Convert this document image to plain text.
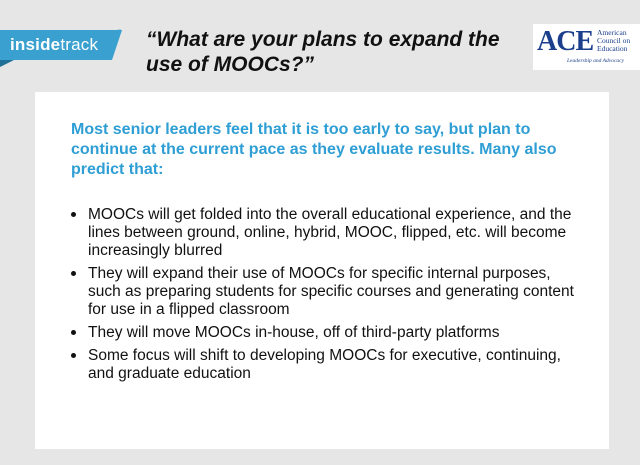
insidetrack
® “What are your plans to expand the use of MOOCs?”
ACE American
Council on
Education
Leadership and Advocacy

Most senior leaders feel that it is too early to say, but plan to continue at the current pace as they evaluate results. Many also predict that:

MOOCs will get folded into the overall educational experience, and the lines between ground, online, hybrid, MOOC, flipped, etc. will become increasingly blurred
They will expand their use of MOOCs for specific internal purposes, such as preparing students for specific courses and generating content for use in a flipped classroom
They will move MOOCs in-house, off of third-party platforms
Some focus will shift to developing MOOCs for executive, continuing, and graduate education
